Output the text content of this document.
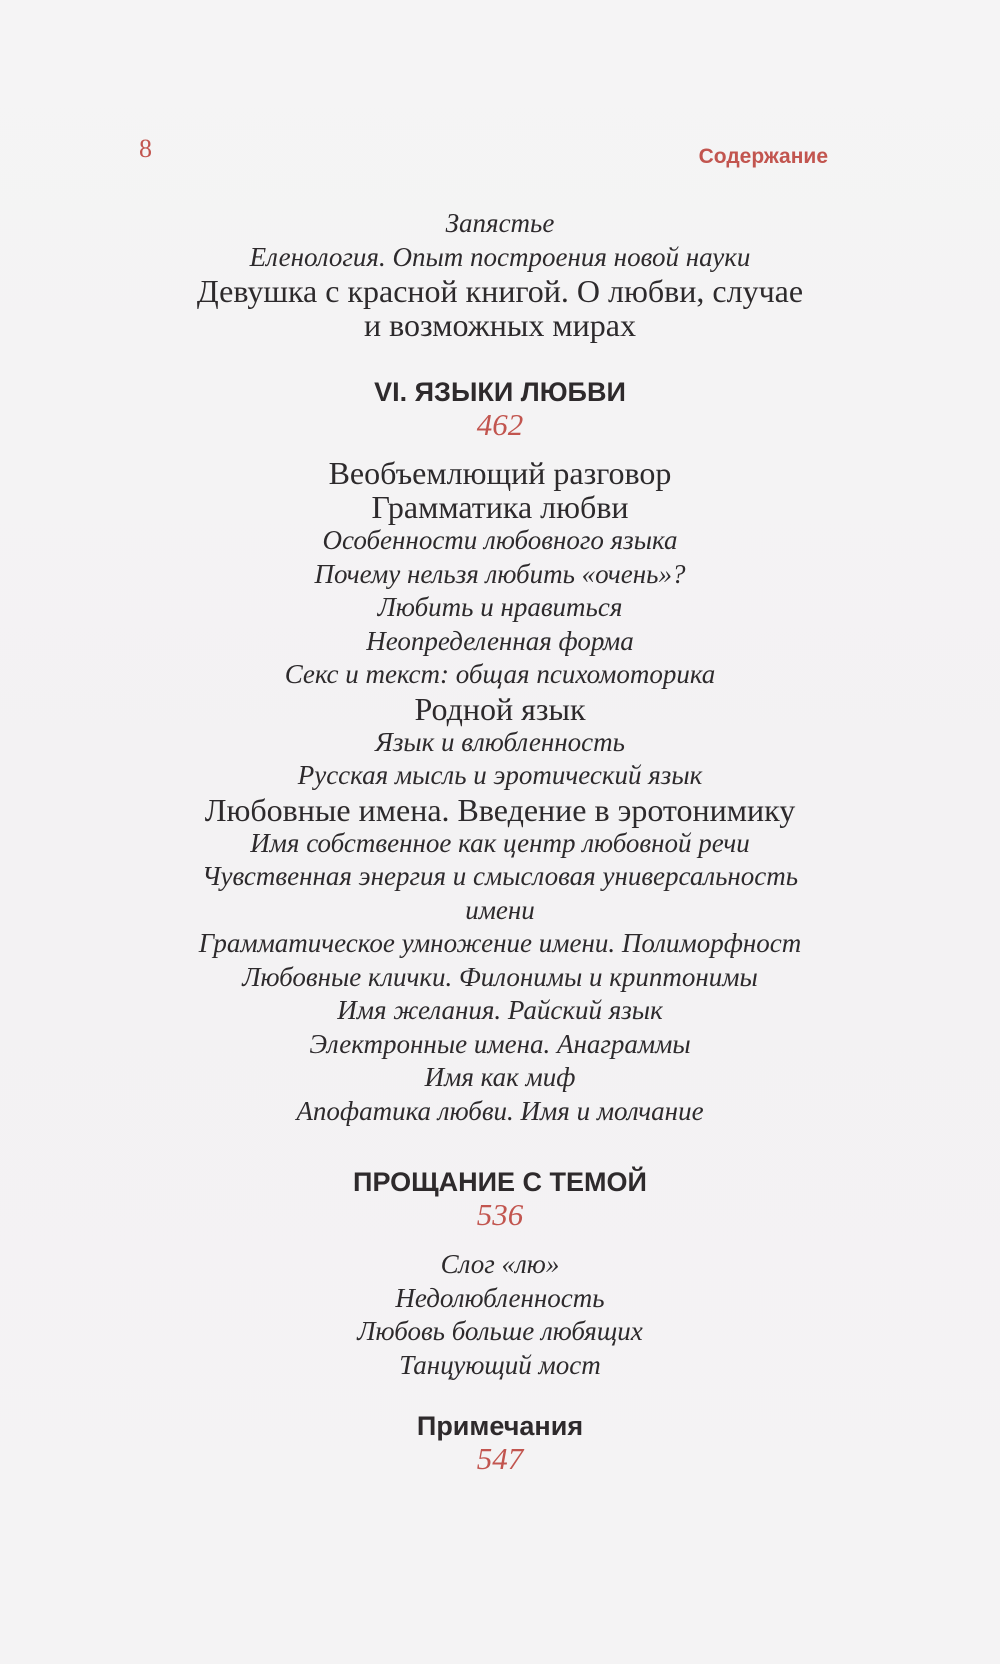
8	Содержание
Запястье
Еленология. Опыт построения новой науки
Девушка с красной книгой. О любви, случае
и возможных мирах
VI. ЯЗЫКИ ЛЮБВИ
462
Веобъемлющий разговор
Грамматика любви
Особенности любовного языка
Почему нельзя любить «очень»?
Любить и нравиться
Неопределенная форма
Секс и текст: общая психомоторика
Родной язык
Язык и влюбленность
Русская мысль и эротический язык
Любовные имена. Введение в эротонимику
Имя собственное как центр любовной речи
Чувственная энергия и смысловая универсальность
имени
Грамматическое умножение имени. Полиморфност
Любовные клички. Филонимы и криптонимы
Имя желания. Райский язык
Электронные имена. Анаграммы
Имя как миф
Апофатика любви. Имя и молчание
ПРОЩАНИЕ С ТЕМОЙ
536
Слог «лю»
Недолюбленность
Любовь больше любящих
Танцующий мост
Примечания
547
